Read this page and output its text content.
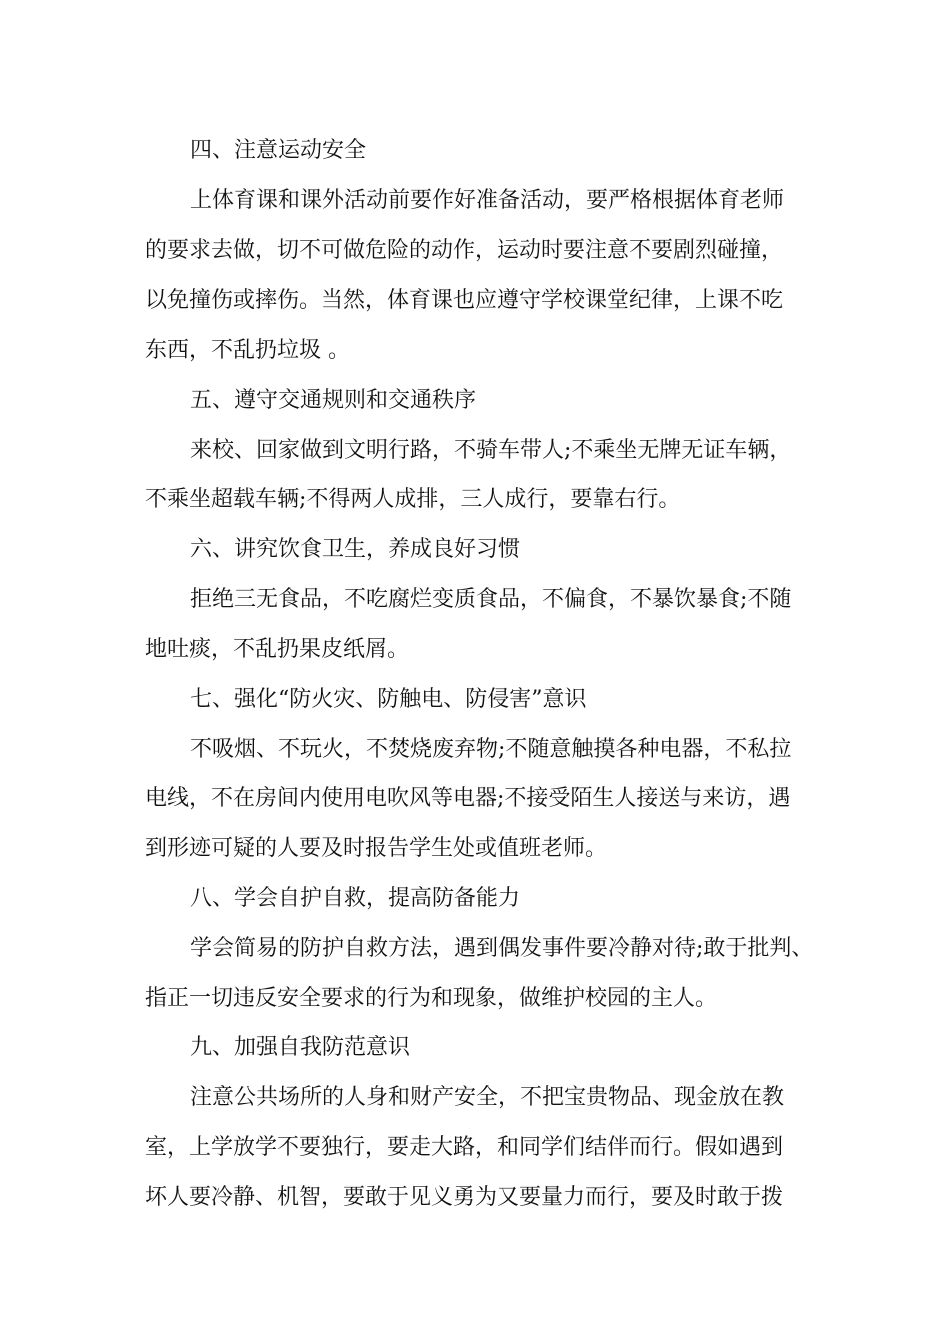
四、注意运动安全
上体育课和课外活动前要作好准备活动，要严格根据体育老师
的要求去做，切不可做危险的动作，运动时要注意不要剧烈碰撞，
以免撞伤或摔伤。当然，体育课也应遵守学校课堂纪律，上课不吃
东西，不乱扔垃圾 。
五、遵守交通规则和交通秩序
来校、回家做到文明行路，不骑车带人;不乘坐无牌无证车辆，
不乘坐超载车辆;不得两人成排，三人成行，要靠右行。
六、讲究饮食卫生，养成良好习惯
拒绝三无食品，不吃腐烂变质食品，不偏食，不暴饮暴食;不随
地吐痰，不乱扔果皮纸屑。
七、强化“防火灾、防触电、防侵害”意识
不吸烟、不玩火，不焚烧废弃物;不随意触摸各种电器，不私拉
电线，不在房间内使用电吹风等电器;不接受陌生人接送与来访，遇
到形迹可疑的人要及时报告学生处或值班老师。
八、学会自护自救，提高防备能力
学会简易的防护自救方法，遇到偶发事件要冷静对待;敢于批判、
指正一切违反安全要求的行为和现象，做维护校园的主人。
九、加强自我防范意识
注意公共场所的人身和财产安全，不把宝贵物品、现金放在教
室，上学放学不要独行，要走大路，和同学们结伴而行。假如遇到
坏人要冷静、机智，要敢于见义勇为又要量力而行，要及时敢于拨
